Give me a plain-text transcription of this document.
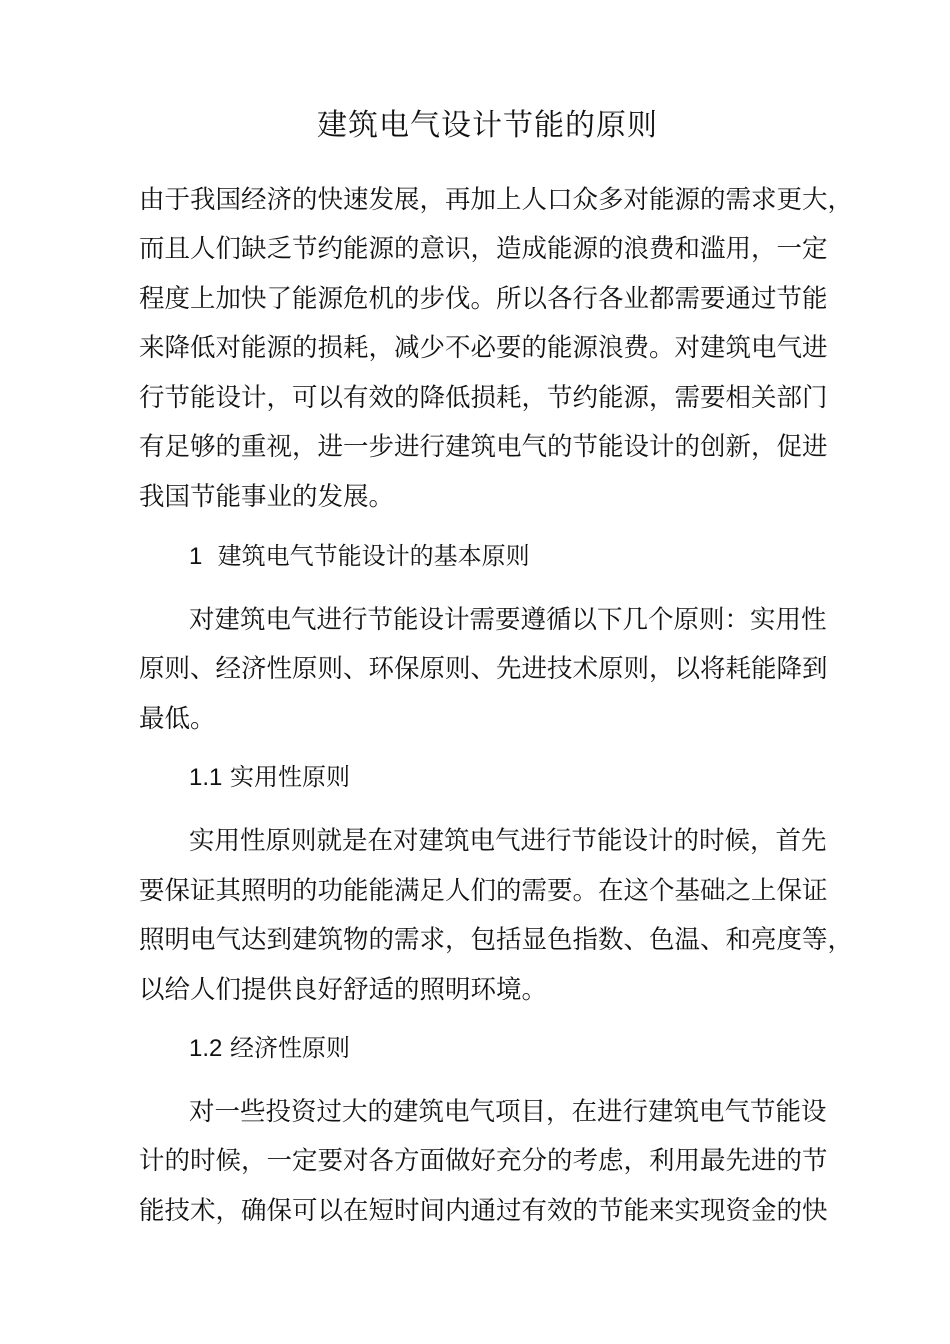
建筑电气设计节能的原则
由于我国经济的快速发展，再加上人口众多对能源的需求更大，
而且人们缺乏节约能源的意识，造成能源的浪费和滥用，一定
程度上加快了能源危机的步伐。所以各行各业都需要通过节能
来降低对能源的损耗，减少不必要的能源浪费。对建筑电气进
行节能设计，可以有效的降低损耗，节约能源，需要相关部门
有足够的重视，进一步进行建筑电气的节能设计的创新，促进
我国节能事业的发展。
1 建筑电气节能设计的基本原则
对建筑电气进行节能设计需要遵循以下几个原则：实用性
原则、经济性原则、环保原则、先进技术原则，以将耗能降到
最低。
1.1 实用性原则
实用性原则就是在对建筑电气进行节能设计的时候，首先
要保证其照明的功能能满足人们的需要。在这个基础之上保证
照明电气达到建筑物的需求，包括显色指数、色温、和亮度等，
以给人们提供良好舒适的照明环境。
1.2 经济性原则
对一些投资过大的建筑电气项目，在进行建筑电气节能设
计的时候，一定要对各方面做好充分的考虑，利用最先进的节
能技术，确保可以在短时间内通过有效的节能来实现资金的快
